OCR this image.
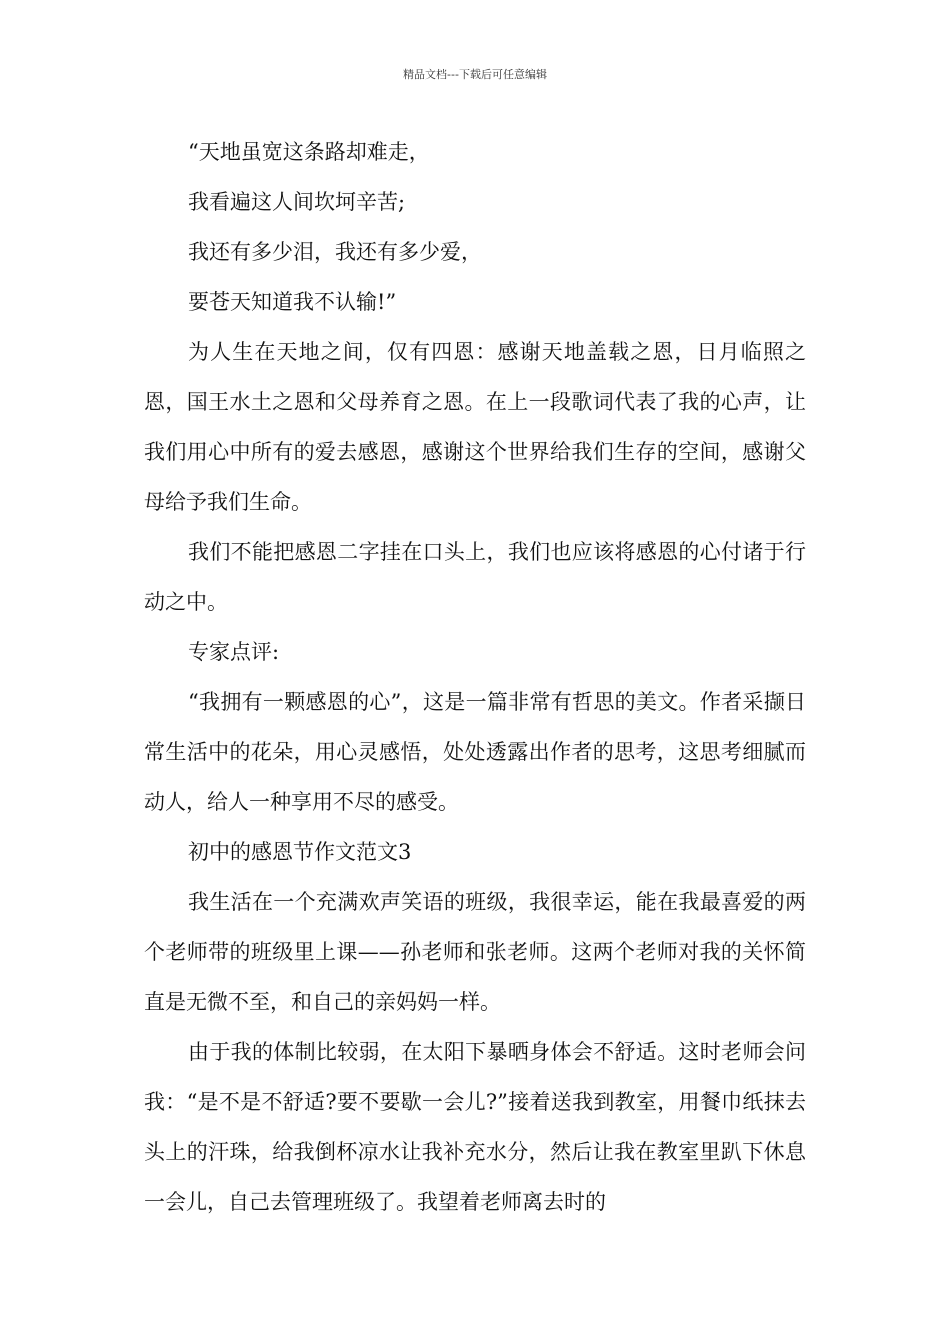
精品文档---下载后可任意编辑

“天地虽宽这条路却难走，

我看遍这人间坎坷辛苦;

我还有多少泪，我还有多少爱，

要苍天知道我不认输!”

为人生在天地之间，仅有四恩：感谢天地盖载之恩，日月临照之恩，国王水土之恩和父母养育之恩。在上一段歌词代表了我的心声，让我们用心中所有的爱去感恩，感谢这个世界给我们生存的空间，感谢父母给予我们生命。

我们不能把感恩二字挂在口头上，我们也应该将感恩的心付诸于行动之中。

专家点评:

“我拥有一颗感恩的心”，这是一篇非常有哲思的美文。作者采撷日常生活中的花朵，用心灵感悟，处处透露出作者的思考，这思考细腻而动人，给人一种享用不尽的感受。

初中的感恩节作文范文3

我生活在一个充满欢声笑语的班级，我很幸运，能在我最喜爱的两个老师带的班级里上课——孙老师和张老师。这两个老师对我的关怀简直是无微不至，和自己的亲妈妈一样。

由于我的体制比较弱，在太阳下暴晒身体会不舒适。这时老师会问我：“是不是不舒适?要不要歇一会儿?”接着送我到教室，用餐巾纸抹去头上的汗珠，给我倒杯凉水让我补充水分，然后让我在教室里趴下休息一会儿，自己去管理班级了。我望着老师离去时的
